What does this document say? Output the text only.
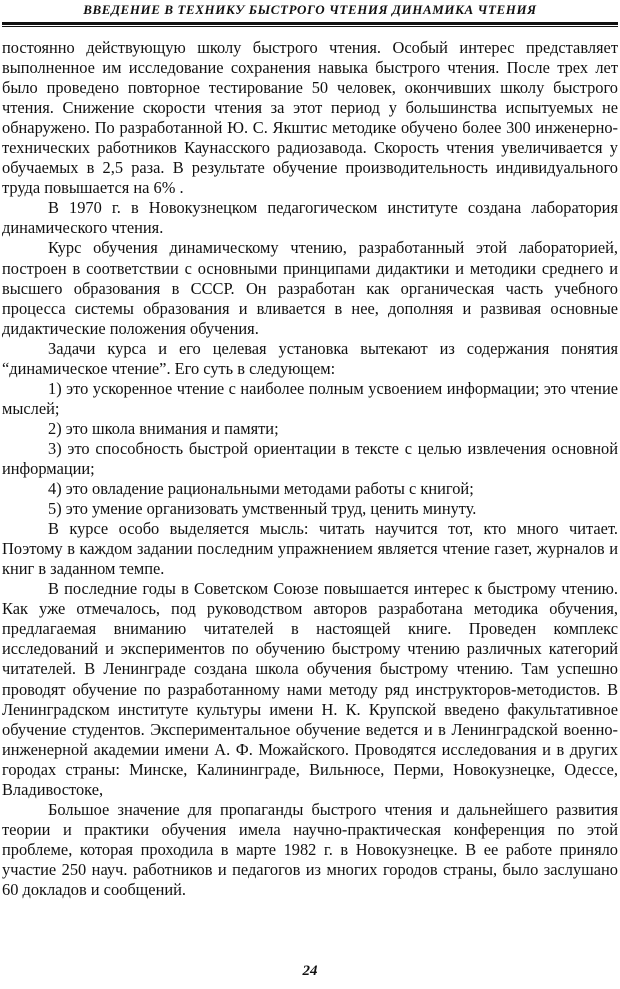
ВВЕДЕНИЕ В ТЕХНИКУ БЫСТРОГО ЧТЕНИЯ ДИНАМИКА ЧТЕНИЯ

постоянно действующую школу быстрого чтения. Особый интерес представляет выполненное им исследование сохранения навыка быстрого чтения. После трех лет было проведено повторное тестирование 50 человек, окончивших школу быстрого чтения. Снижение скорости чтения за этот период у большинства испытуемых не обнаружено. По разработанной Ю. С. Якштис методике обучено более 300 инженерно-технических работников Каунасского радиозавода. Скорость чтения увеличивается у обучаемых в 2,5 раза. В результате обучение производительность индивидуального труда повышается на 6% .

В 1970 г. в Новокузнецком педагогическом институте создана лаборатория динамического чтения.

Курс обучения динамическому чтению, разработанный этой лабораторией, построен в соответствии с основными принципами дидактики и методики среднего и высшего образования в СССР. Он разработан как органическая часть учебного процесса системы образования и вливается в нее, дополняя и развивая основные дидактические положения обучения.

Задачи курса и его целевая установка вытекают из содержания понятия “динамическое чтение”. Его суть в следующем:

1) это ускоренное чтение с наиболее полным усвоением информации; это чтение мыслей;

2) это школа внимания и памяти;

3) это способность быстрой ориентации в тексте с целью извлечения основной информации;

4) это овладение рациональными методами работы с книгой;

5) это умение организовать умственный труд, ценить минуту.

В курсе особо выделяется мысль: читать научится тот, кто много читает. Поэтому в каждом задании последним упражнением является чтение газет, журналов и книг в заданном темпе.

В последние годы в Советском Союзе повышается интерес к быстрому чтению. Как уже отмечалось, под руководством авторов разработана методика обучения, предлагаемая вниманию читателей в настоящей книге. Проведен комплекс исследований и экспериментов по обучению быстрому чтению различных категорий читателей. В Ленинграде создана школа обучения быстрому чтению. Там успешно проводят обучение по разработанному нами методу ряд инструкторов-методистов. В Ленинградском институте культуры имени Н. К. Крупской введено факультативное обучение студентов. Экспериментальное обучение ведется и в Ленинградской военно-инженерной академии имени А. Ф. Можайского. Проводятся исследования и в других городах страны: Минске, Калининграде, Вильнюсе, Перми, Новокузнецке, Одессе, Владивостоке,

Большое значение для пропаганды быстрого чтения и дальнейшего развития теории и практики обучения имела научно-практическая конференция по этой проблеме, которая проходила в марте 1982 г. в Новокузнецке. В ее работе приняло участие 250 науч. работников и педагогов из многих городов страны, было заслушано 60 докладов и сообщений.

24
